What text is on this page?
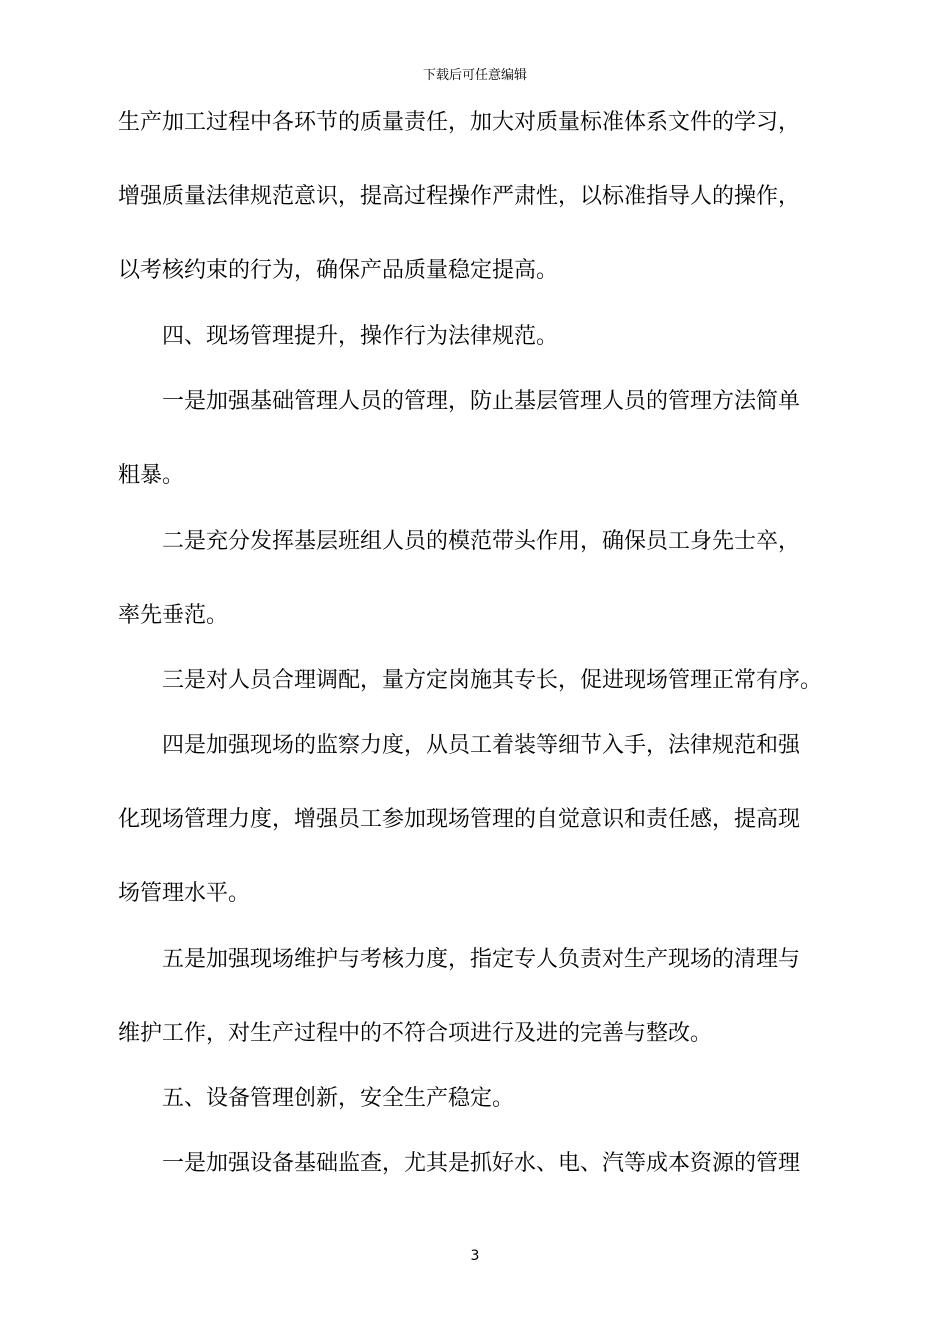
下载后可任意编辑
生产加工过程中各环节的质量责任，加大对质量标准体系文件的学习，
增强质量法律规范意识，提高过程操作严肃性，以标准指导人的操作，
以考核约束的行为，确保产品质量稳定提高。
四、现场管理提升，操作行为法律规范。
一是加强基础管理人员的管理，防止基层管理人员的管理方法简单
粗暴。
二是充分发挥基层班组人员的模范带头作用，确保员工身先士卒，
率先垂范。
三是对人员合理调配，量方定岗施其专长，促进现场管理正常有序。
四是加强现场的监察力度，从员工着装等细节入手，法律规范和强
化现场管理力度，增强员工参加现场管理的自觉意识和责任感，提高现
场管理水平。
五是加强现场维护与考核力度，指定专人负责对生产现场的清理与
维护工作，对生产过程中的不符合项进行及进的完善与整改。
五、设备管理创新，安全生产稳定。
一是加强设备基础监查，尤其是抓好水、电、汽等成本资源的管理
3
